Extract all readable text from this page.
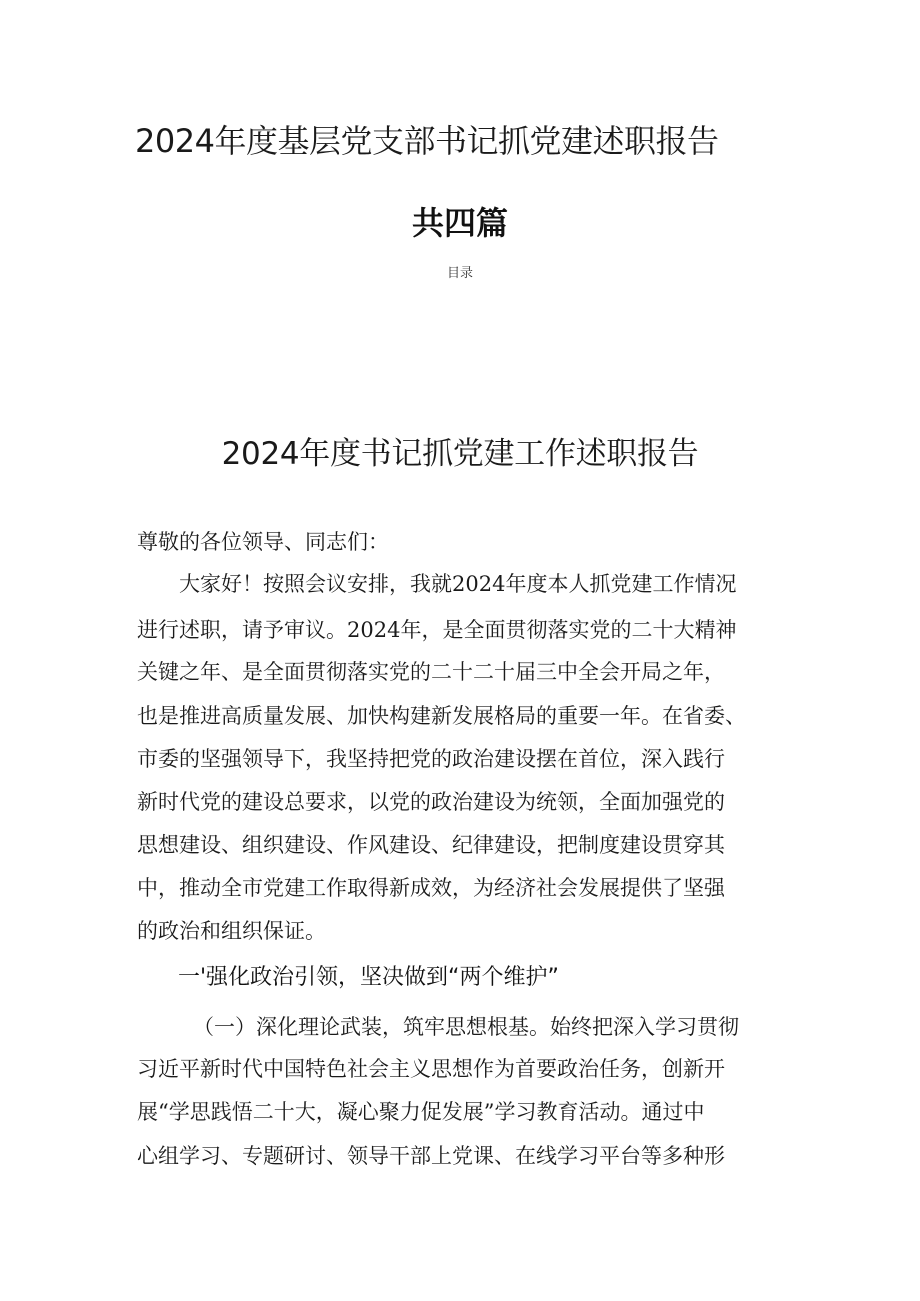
2024年度基层党支部书记抓党建述职报告
共四篇
目录
2024年度书记抓党建工作述职报告
尊敬的各位领导、同志们：
大家好！按照会议安排，我就2024年度本人抓党建工作情况
进行述职，请予审议。2024年，是全面贯彻落实党的二十大精神
关键之年、是全面贯彻落实党的二十二十届三中全会开局之年，
也是推进高质量发展、加快构建新发展格局的重要一年。在省委、
市委的坚强领导下，我坚持把党的政治建设摆在首位，深入践行
新时代党的建设总要求，以党的政治建设为统领，全面加强党的
思想建设、组织建设、作风建设、纪律建设，把制度建设贯穿其
中，推动全市党建工作取得新成效，为经济社会发展提供了坚强
的政治和组织保证。
一'强化政治引领，坚决做到“两个维护”
（一）深化理论武装，筑牢思想根基。始终把深入学习贯彻
习近平新时代中国特色社会主义思想作为首要政治任务，创新开
展“学思践悟二十大，凝心聚力促发展”学习教育活动。通过中
心组学习、专题研讨、领导干部上党课、在线学习平台等多种形
